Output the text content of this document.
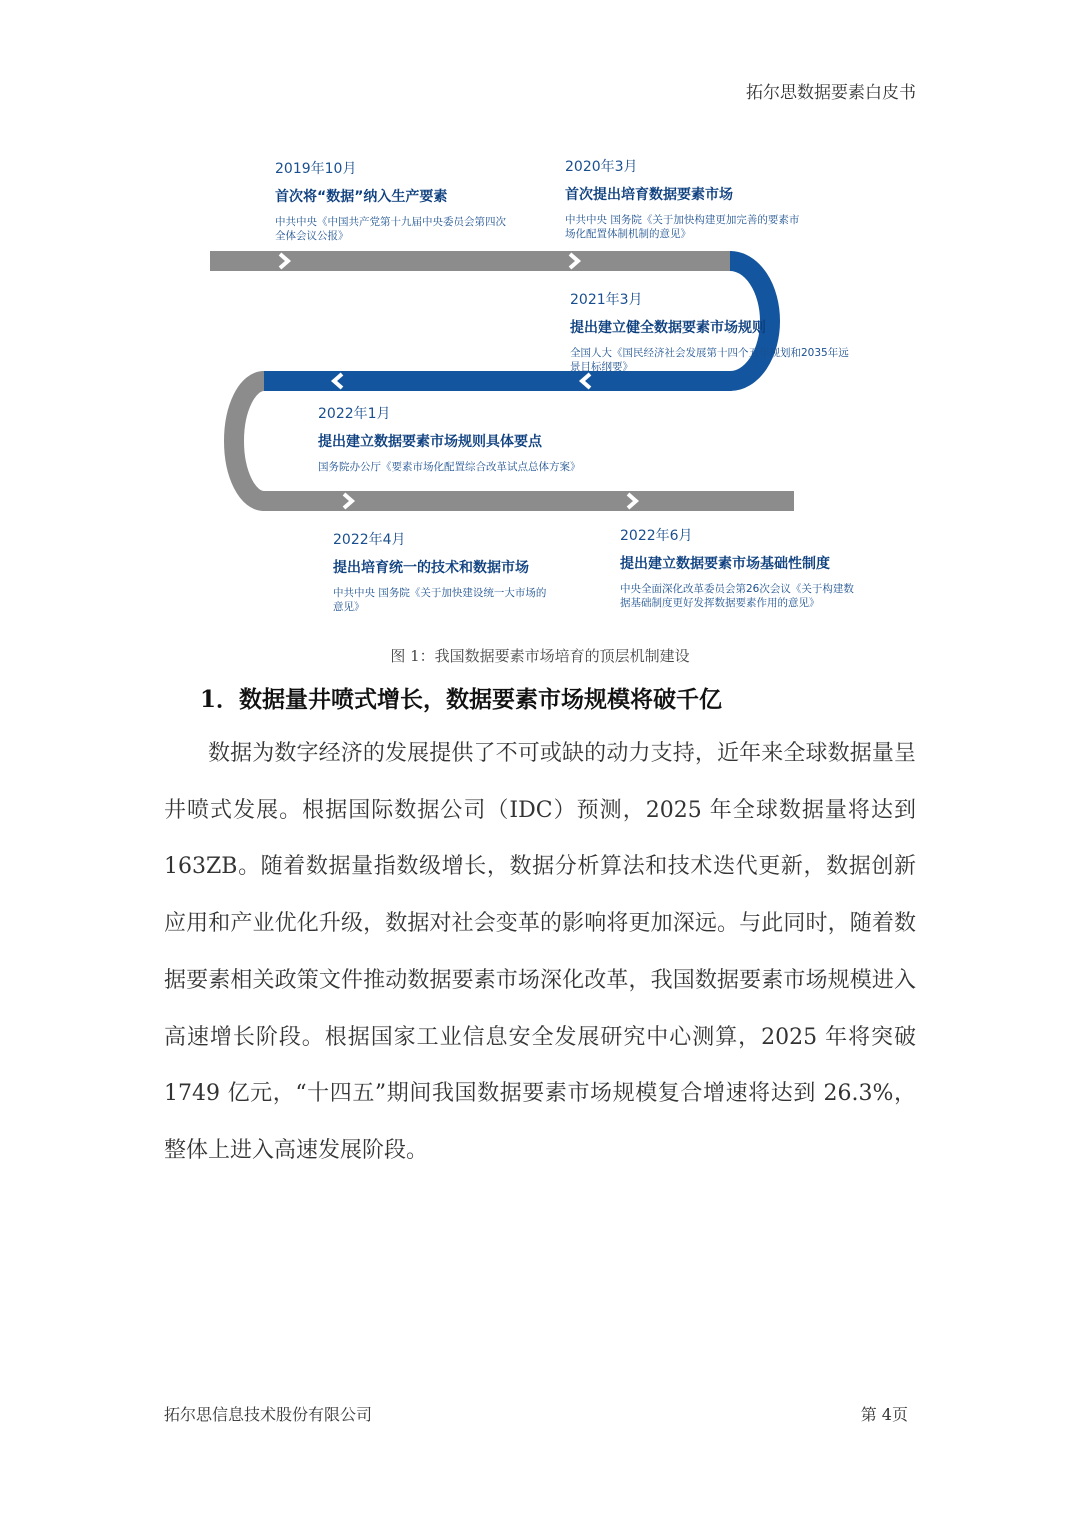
拓尔思数据要素白皮书
2019年10月
首次将“数据”纳入生产要素
中共中央《中国共产党第十九届中央委员会第四次全体会议公报》
2020年3月
首次提出培育数据要素市场
中共中央 国务院《关于加快构建更加完善的要素市场化配置体制机制的意见》
2021年3月
提出建立健全数据要素市场规则
全国人大《国民经济社会发展第十四个五年规划和2035年远景目标纲要》
2022年1月
提出建立数据要素市场规则具体要点
国务院办公厅《要素市场化配置综合改革试点总体方案》
2022年4月
提出培育统一的技术和数据市场
中共中央 国务院《关于加快建设统一大市场的意见》
2022年6月
提出建立数据要素市场基础性制度
中央全面深化改革委员会第26次会议《关于构建数据基础制度更好发挥数据要素作用的意见》
图 1：我国数据要素市场培育的顶层机制建设
1．数据量井喷式增长，数据要素市场规模将破千亿
数据为数字经济的发展提供了不可或缺的动力支持，近年来全球数据量呈井喷式发展。根据国际数据公司（IDC）预测，2025 年全球数据量将达到 163ZB。随着数据量指数级增长，数据分析算法和技术迭代更新，数据创新应用和产业优化升级，数据对社会变革的影响将更加深远。与此同时，随着数据要素相关政策文件推动数据要素市场深化改革，我国数据要素市场规模进入高速增长阶段。根据国家工业信息安全发展研究中心测算，2025 年将突破 1749 亿元，“十四五”期间我国数据要素市场规模复合增速将达到 26.3%，整体上进入高速发展阶段。
拓尔思信息技术股份有限公司	第 4页
